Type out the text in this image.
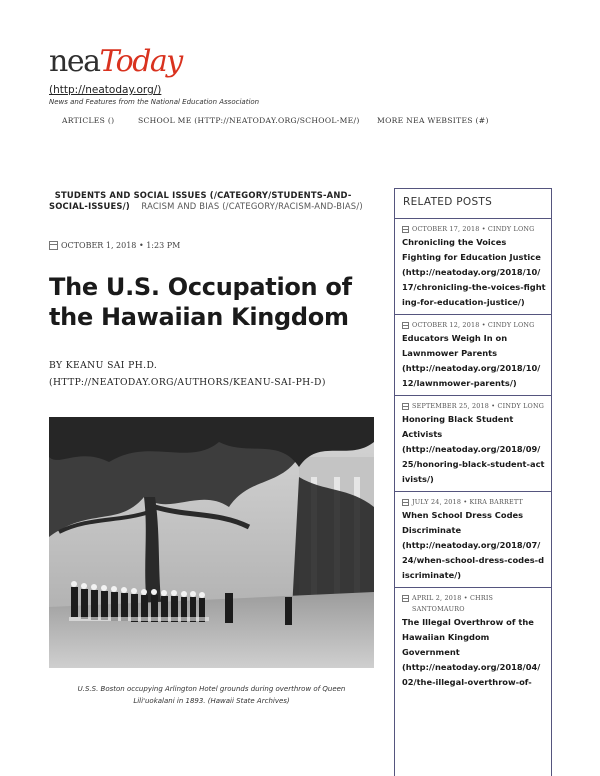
neaToday
(http://neatoday.org/)
News and Features from the National Education Association
ARTICLES ()	SCHOOL ME (HTTP://NEATODAY.ORG/SCHOOL-ME/) MORE NEA WEBSITES (#)
STUDENTS AND SOCIAL ISSUES (/CATEGORY/STUDENTS-AND-SOCIAL-ISSUES/) RACISM AND BIAS (/CATEGORY/RACISM-AND-BIAS/)
OCTOBER 1, 2018 • 1:23 PM
The U.S. Occupation of the Hawaiian Kingdom
BY KEANU SAI PH.D. (HTTP://NEATODAY.ORG/AUTHORS/KEANU-SAI-PH-D)
U.S.S. Boston occupying Arlington Hotel grounds during overthrow of Queen
Lili'uokalani in 1893. (Hawaii State Archives)
RELATED POSTS
OCTOBER 17, 2018 • CINDY LONG
Chronicling the Voices Fighting for Education Justice
(http://neatoday.org/2018/10/17/chronicling-the-voices-fighting-for-education-justice/)
OCTOBER 12, 2018 • CINDY LONG
Educators Weigh In on Lawnmower Parents
(http://neatoday.org/2018/10/12/lawnmower-parents/)
SEPTEMBER 25, 2018 • CINDY LONG
Honoring Black Student Activists
(http://neatoday.org/2018/09/25/honoring-black-student-activists/)
JULY 24, 2018 • KIRA BARRETT
When School Dress Codes Discriminate
(http://neatoday.org/2018/07/24/when-school-dress-codes-discriminate/)
APRIL 2, 2018 • CHRIS SANTOMAURO
The Illegal Overthrow of the Hawaiian Kingdom Government
(http://neatoday.org/2018/04/02/the-illegal-overthrow-of-
